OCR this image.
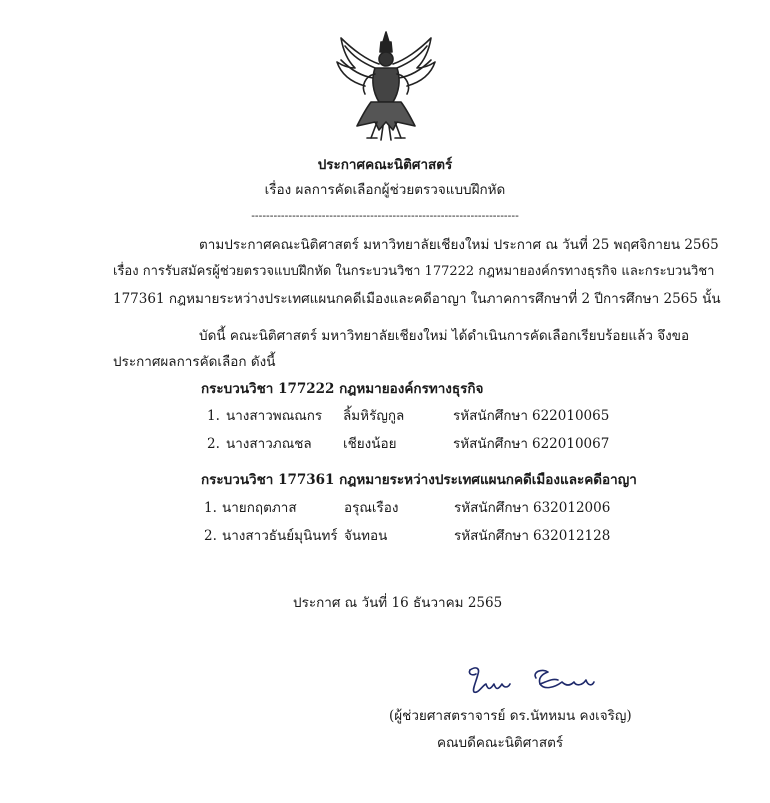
ประกาศคณะนิติศาสตร์
เรื่อง ผลการคัดเลือกผู้ช่วยตรวจแบบฝึกหัด
------------------------------------------------------------------------
ตามประกาศคณะนิติศาสตร์ มหาวิทยาลัยเชียงใหม่ ประกาศ ณ วันที่ 25 พฤศจิกายน 2565
เรื่อง การรับสมัครผู้ช่วยตรวจแบบฝึกหัด ในกระบวนวิชา 177222 กฎหมายองค์กรทางธุรกิจ และกระบวนวิชา
177361 กฎหมายระหว่างประเทศแผนกคดีเมืองและคดีอาญา ในภาคการศึกษาที่ 2 ปีการศึกษา 2565 นั้น
บัดนี้ คณะนิติศาสตร์ มหาวิทยาลัยเชียงใหม่ ได้ดำเนินการคัดเลือกเรียบร้อยแล้ว จึงขอ
ประกาศผลการคัดเลือก ดังนี้
กระบวนวิชา 177222 กฎหมายองค์กรทางธุรกิจ
1. นางสาวพณณกร ลิ้มหิรัญกูล	รหัสนักศึกษา 622010065
2. นางสาวภณชล เชียงน้อย	รหัสนักศึกษา 622010067
กระบวนวิชา 177361 กฎหมายระหว่างประเทศแผนกคดีเมืองและคดีอาญา
1. นายกฤตภาส	อรุณเรือง	รหัสนักศึกษา 632012006
2. นางสาวธันย์มุนินทร์ จันทอน	รหัสนักศึกษา 632012128
ประกาศ ณ วันที่ 16 ธันวาคม 2565
(ผู้ช่วยศาสตราจารย์ ดร.นัทหมน คงเจริญ)
คณบดีคณะนิติศาสตร์
